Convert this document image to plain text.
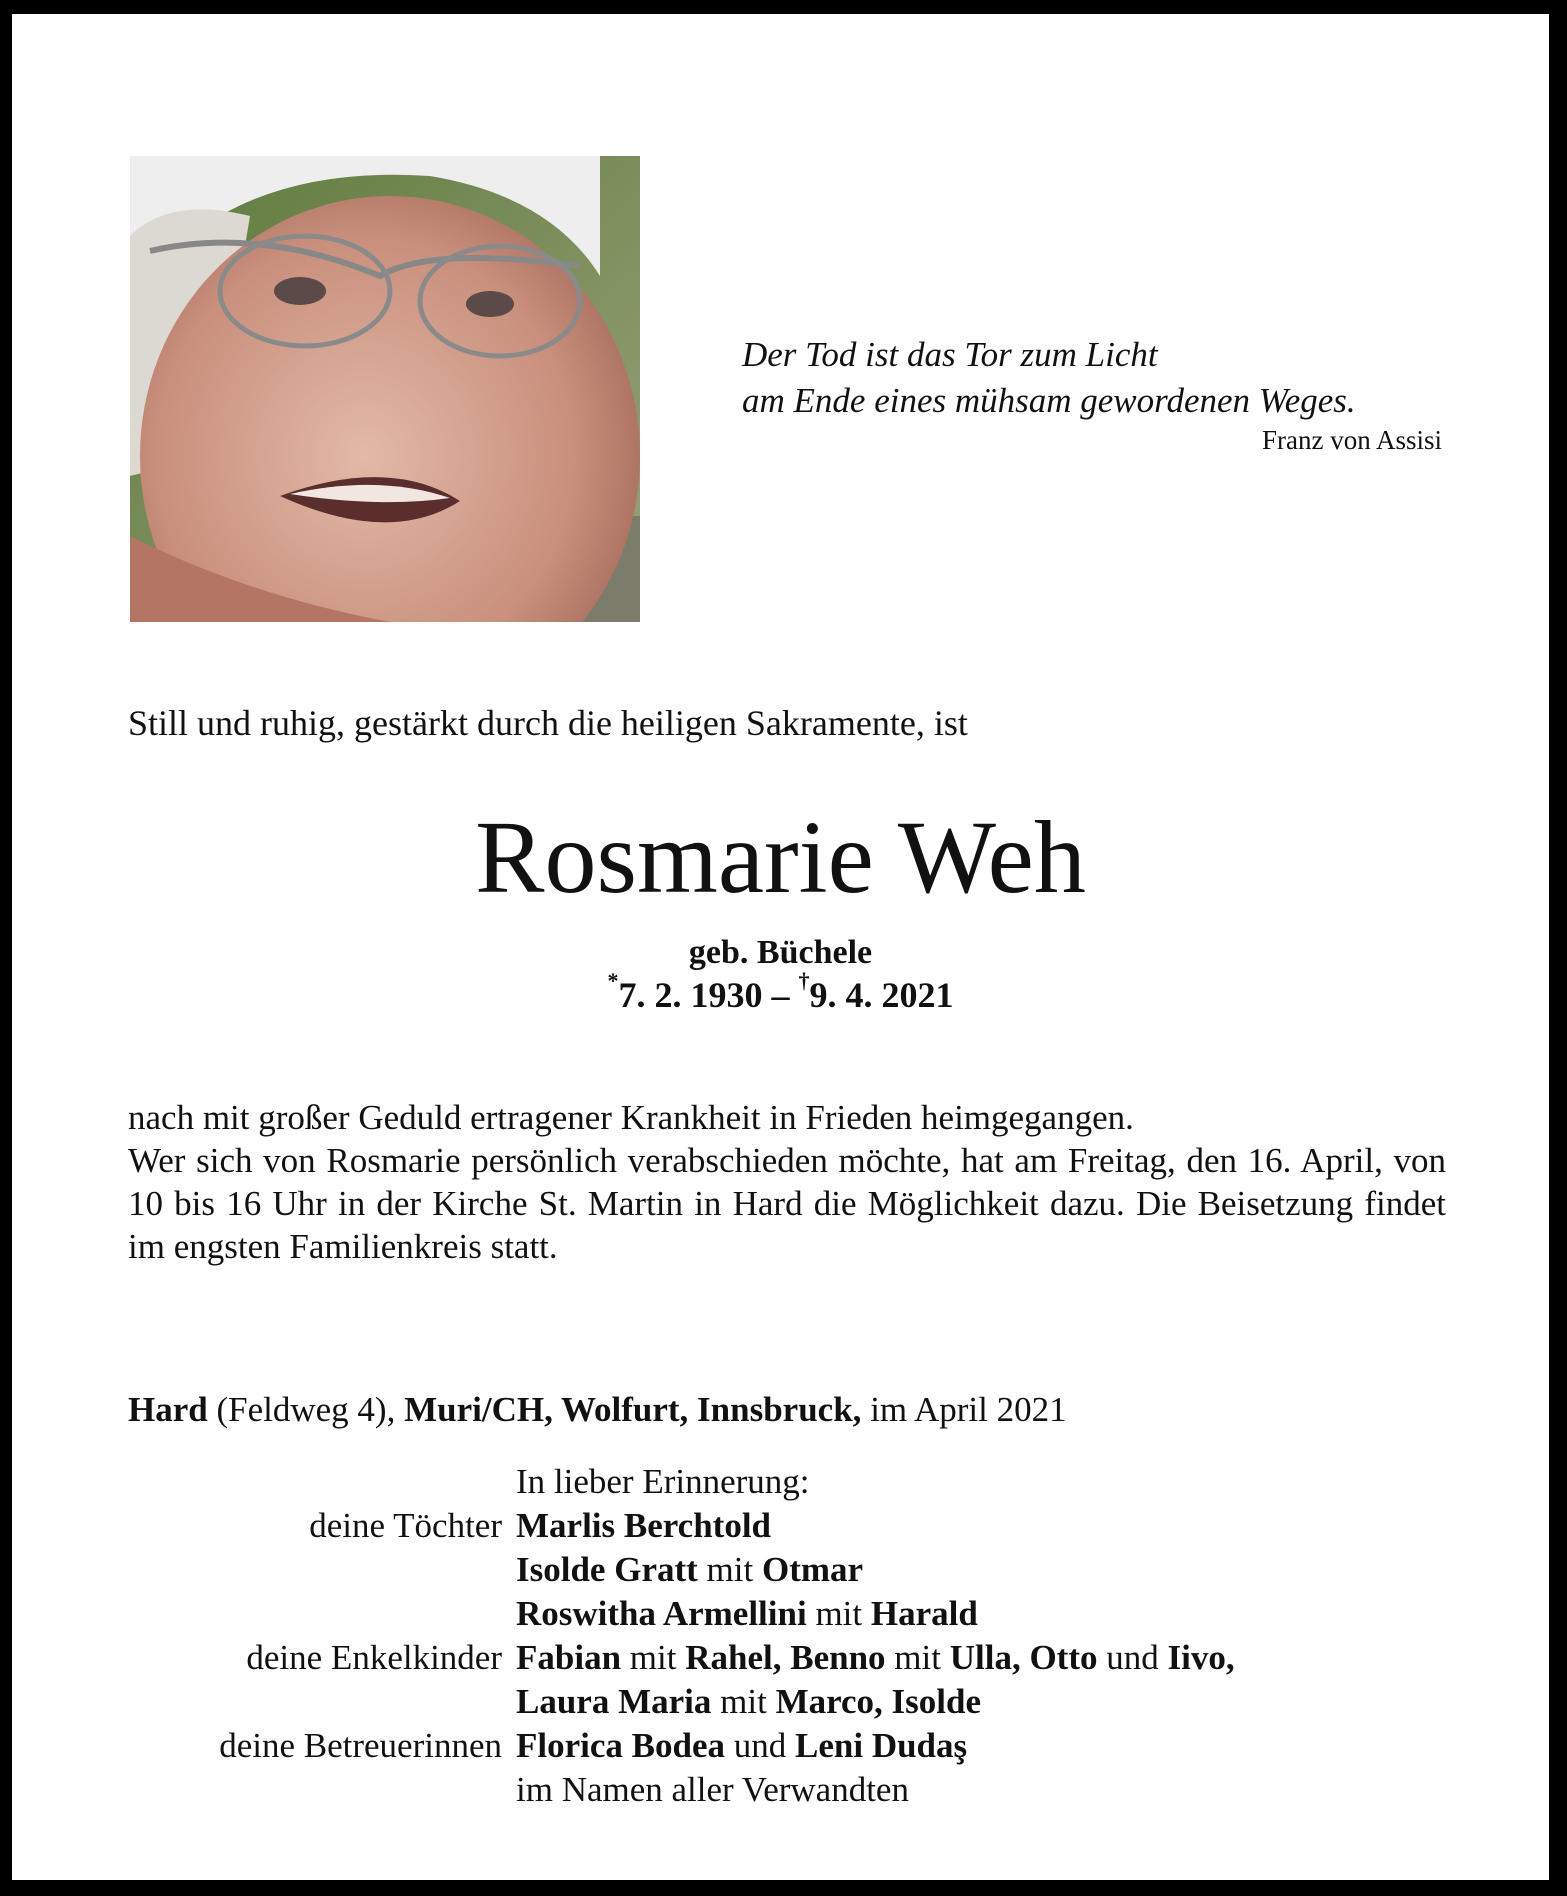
Der Tod ist das Tor zum Licht
am Ende eines mühsam gewordenen Weges.
Franz von Assisi
Still und ruhig, gestärkt durch die heiligen Sakramente, ist
Rosmarie Weh
geb. Büchele
*7. 2. 1930 – †9. 4. 2021

nach mit großer Geduld ertragener Krankheit in Frieden heimgegangen.

Wer sich von Rosmarie persönlich verabschieden möchte, hat am Freitag, den 16. April, von 10 bis 16 Uhr in der Kirche St. Martin in Hard die Möglichkeit dazu. Die Beisetzung findet im engsten Familienkreis statt.

Hard (Feldweg 4), Muri/CH, Wolfurt, Innsbruck, im April 2021
In lieber Erinnerung:
deine Töchter Marlis Berchtold
Isolde Gratt mit Otmar
Roswitha Armellini mit Harald
deine Enkelkinder Fabian mit Rahel, Benno mit Ulla, Otto und Iivo,
Laura Maria mit Marco, Isolde
deine Betreuerinnen Florica Bodea und Leni Dudaş
im Namen aller Verwandten
